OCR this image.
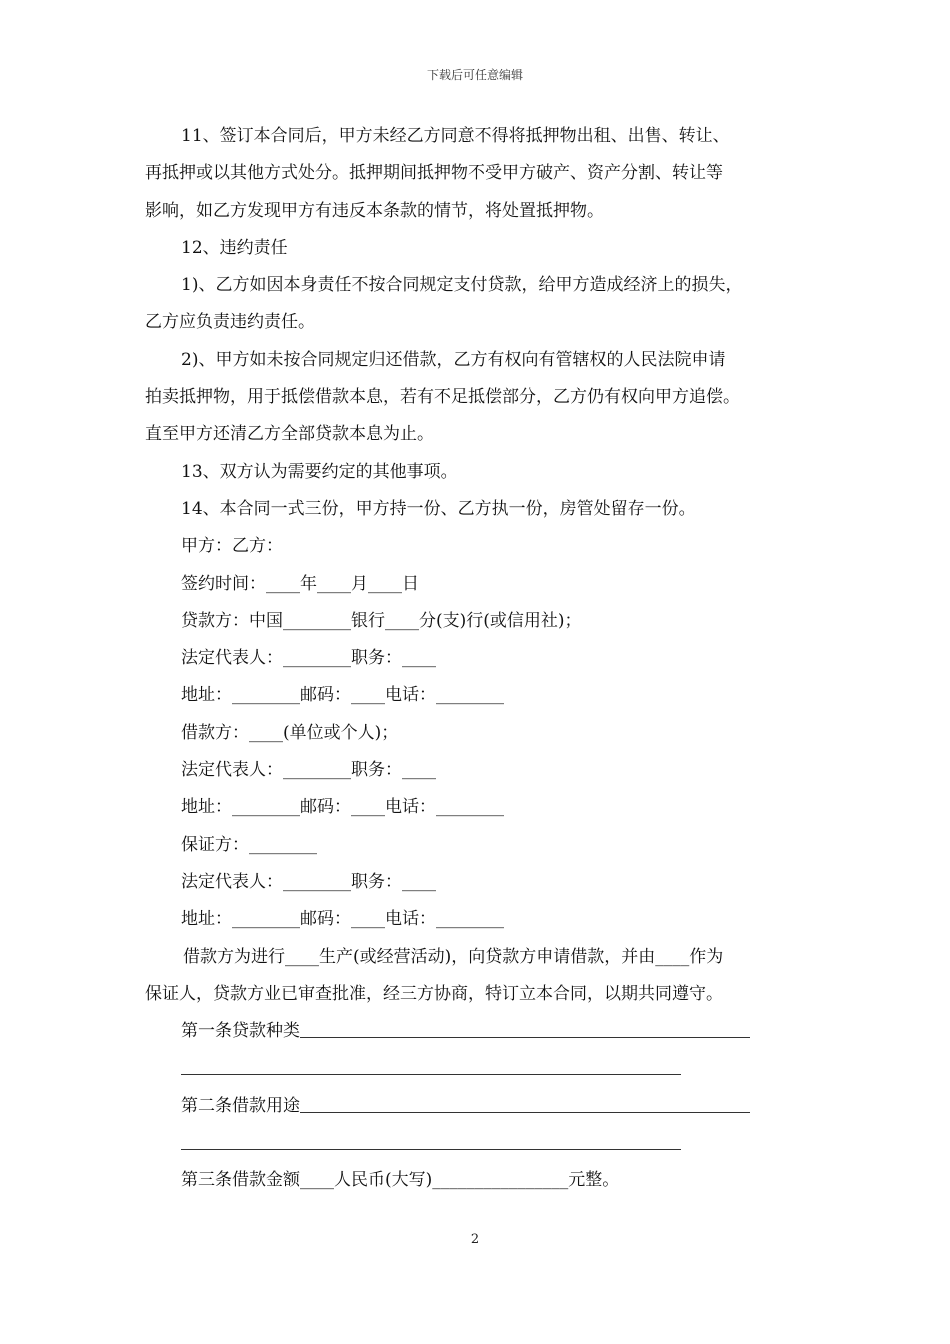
下载后可任意编辑

11、签订本合同后，甲方未经乙方同意不得将抵押物出租、出售、转让、

再抵押或以其他方式处分。抵押期间抵押物不受甲方破产、资产分割、转让等

影响，如乙方发现甲方有违反本条款的情节，将处置抵押物。

12、违约责任

1)、乙方如因本身责任不按合同规定支付贷款，给甲方造成经济上的损失，

乙方应负责违约责任。

2)、甲方如未按合同规定归还借款，乙方有权向有管辖权的人民法院申请

拍卖抵押物，用于抵偿借款本息，若有不足抵偿部分，乙方仍有权向甲方追偿。

直至甲方还清乙方全部贷款本息为止。

13、双方认为需要约定的其他事项。

14、本合同一式三份，甲方持一份、乙方执一份，房管处留存一份。

甲方：乙方：

签约时间：____年____月____日

贷款方：中国________银行____分(支)行(或信用社)；

法定代表人：________职务：____

地址：________邮码：____电话：________

借款方：____(单位或个人)；

法定代表人：________职务：____

地址：________邮码：____电话：________

保证方：________

法定代表人：________职务：____

地址：________邮码：____电话：________

借款方为进行____生产(或经营活动)，向贷款方申请借款，并由____作为

保证人，贷款方业已审查批准，经三方协商，特订立本合同，以期共同遵守。

第一条贷款种类

第二条借款用途

第三条借款金额____人民币(大写)________________元整。

2
